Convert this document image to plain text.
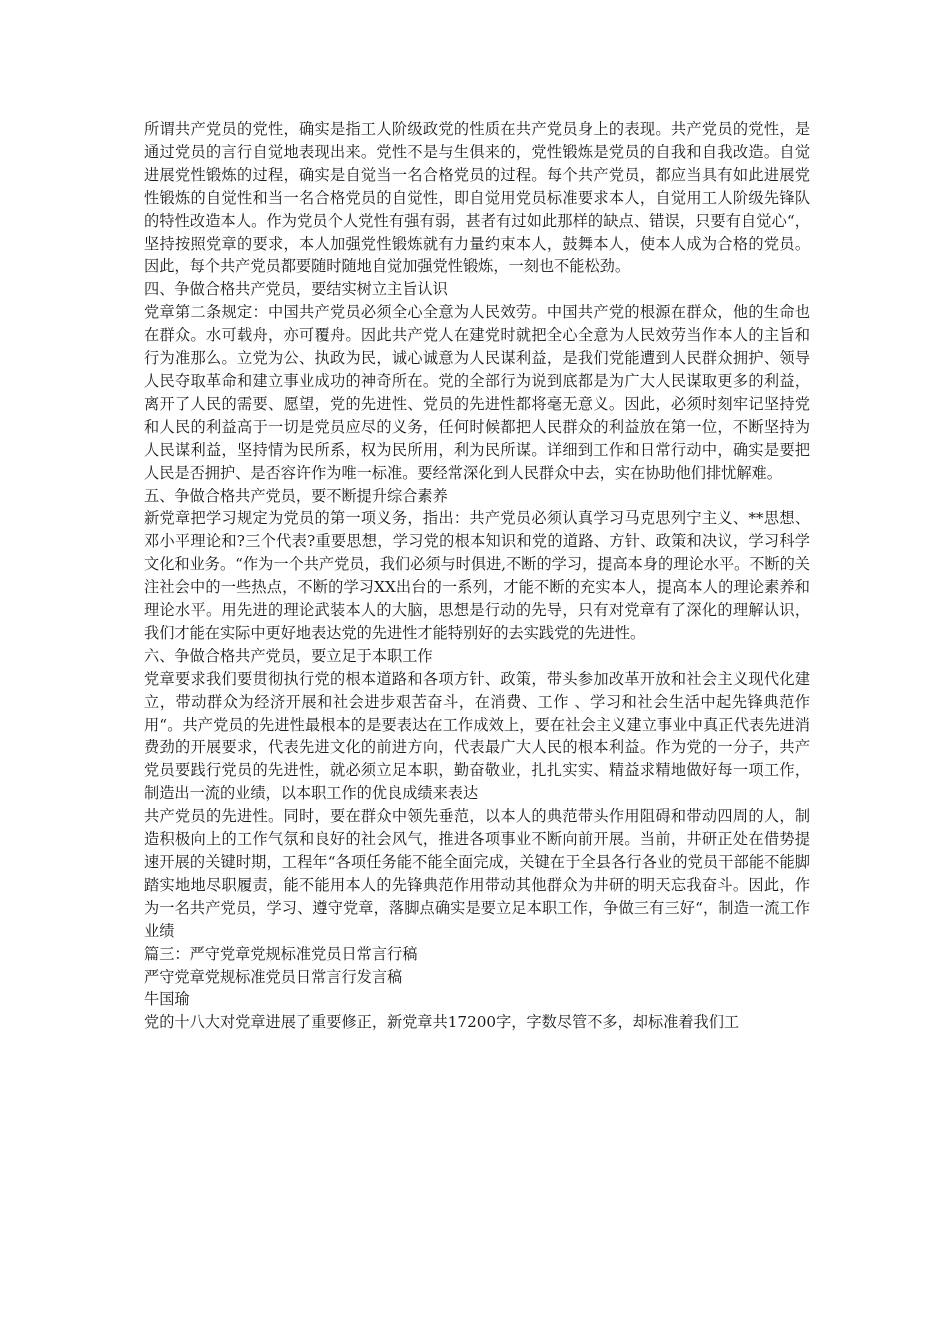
所谓共产党员的党性，确实是指工人阶级政党的性质在共产党员身上的表现。共产党员的党性，是通过党员的言行自觉地表现出来。党性不是与生俱来的，党性锻炼是党员的自我和自我改造。自觉进展党性锻炼的过程，确实是自觉当一名合格党员的过程。每个共产党员，都应当具有如此进展党性锻炼的自觉性和当一名合格党员的自觉性，即自觉用党员标准要求本人，自觉用工人阶级先锋队的特性改造本人。作为党员个人党性有强有弱，甚者有过如此那样的缺点、错误，只要有自觉心“，坚持按照党章的要求，本人加强党性锻炼就有力量约束本人，鼓舞本人，使本人成为合格的党员。因此，每个共产党员都要随时随地自觉加强党性锻炼，一刻也不能松劲。

四、争做合格共产党员，要结实树立主旨认识

党章第二条规定：中国共产党员必须全心全意为人民效劳。中国共产党的根源在群众，他的生命也在群众。水可载舟，亦可覆舟。因此共产党人在建党时就把全心全意为人民效劳当作本人的主旨和行为准那么。立党为公、执政为民，诚心诚意为人民谋利益，是我们党能遭到人民群众拥护、领导人民夺取革命和建立事业成功的神奇所在。党的全部行为说到底都是为广大人民谋取更多的利益，离开了人民的需要、愿望，党的先进性、党员的先进性都将毫无意义。因此，必须时刻牢记坚持党和人民的利益高于一切是党员应尽的义务，任何时候都把人民群众的利益放在第一位，不断坚持为人民谋利益，坚持情为民所系，权为民所用，利为民所谋。详细到工作和日常行动中，确实是要把人民是否拥护、是否容许作为唯一标准。要经常深化到人民群众中去，实在协助他们排忧解难。

五、争做合格共产党员，要不断提升综合素养

新党章把学习规定为党员的第一项义务，指出：共产党员必须认真学习马克思列宁主义、**思想、邓小平理论和?三个代表?重要思想，学习党的根本知识和党的道路、方针、政策和决议，学习科学文化和业务。“作为一个共产党员，我们必须与时俱进,不断的学习，提高本身的理论水平。不断的关注社会中的一些热点，不断的学习XX出台的一系列，才能不断的充实本人，提高本人的理论素养和理论水平。用先进的理论武装本人的大脑，思想是行动的先导，只有对党章有了深化的理解认识，我们才能在实际中更好地表达党的先进性才能特别好的去实践党的先进性。

六、争做合格共产党员，要立足于本职工作

党章要求我们要贯彻执行党的根本道路和各项方针、政策，带头参加改革开放和社会主义现代化建立，带动群众为经济开展和社会进步艰苦奋斗，在消费、工作 、学习和社会生活中起先锋典范作用“。共产党员的先进性最根本的是要表达在工作成效上，要在社会主义建立事业中真正代表先进消费劲的开展要求，代表先进文化的前进方向，代表最广大人民的根本利益。作为党的一分子，共产党员要践行党员的先进性，就必须立足本职，勤奋敬业，扎扎实实、精益求精地做好每一项工作，制造出一流的业绩，以本职工作的优良成绩来表达

共产党员的先进性。同时，要在群众中领先垂范，以本人的典范带头作用阻碍和带动四周的人，制造积极向上的工作气氛和良好的社会风气，推进各项事业不断向前开展。当前，井研正处在借势提速开展的关键时期，工程年“各项任务能不能全面完成，关键在于全县各行各业的党员干部能不能脚踏实地地尽职履责，能不能用本人的先锋典范作用带动其他群众为井研的明天忘我奋斗。因此，作为一名共产党员，学习、遵守党章，落脚点确实是要立足本职工作，争做三有三好“，制造一流工作业绩

篇三：严守党章党规标准党员日常言行稿

严守党章党规标准党员日常言行发言稿

牛国瑜

党的十八大对党章进展了重要修正，新党章共17200字，字数尽管不多，却标准着我们工
